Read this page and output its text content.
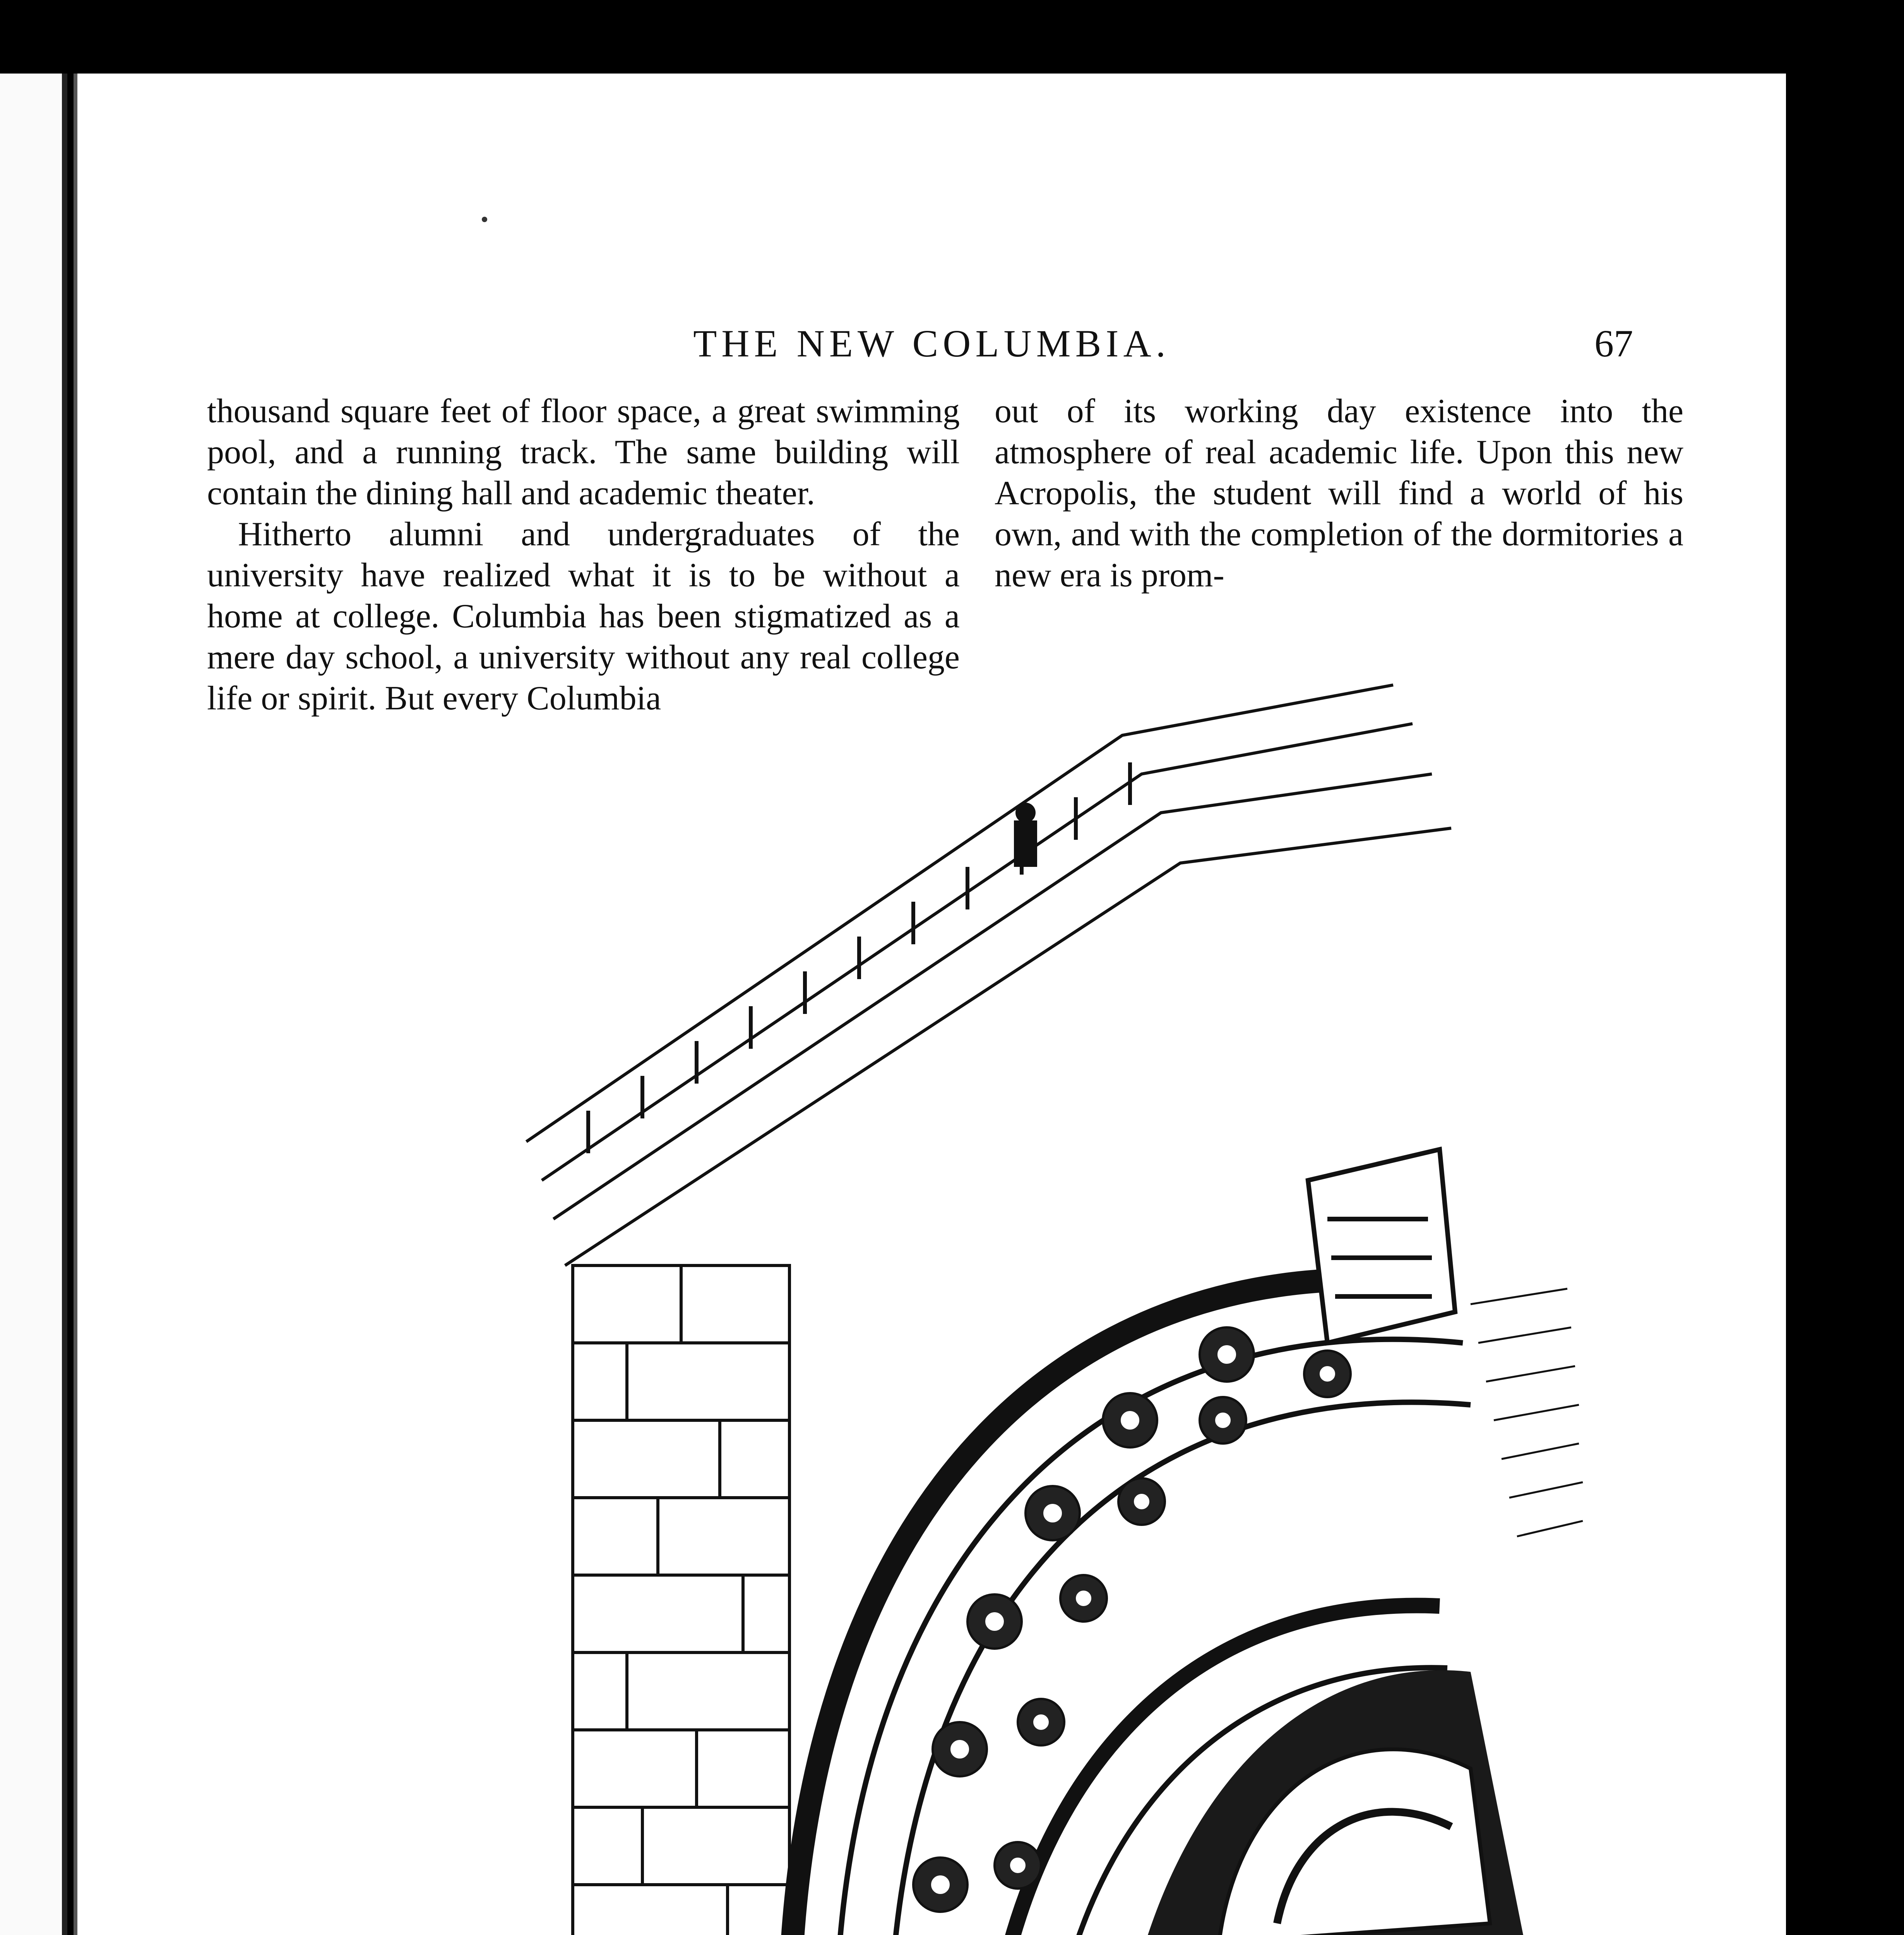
THE NEW COLUMBIA.	67

thousand square feet of floor space, a great swimming pool, and a running track. The same building will contain the dining hall and academic theater.

Hitherto alumni and undergraduates of the university have realized what it is to be without a home at college. Columbia has been stigmatized as a mere day school, a university without any real college life or spirit. But every Columbia

out of its working day existence into the atmosphere of real academic life. Upon this new Acropolis, the student will find a world of his own, and with the completion of the dormitories a new era is prom-
